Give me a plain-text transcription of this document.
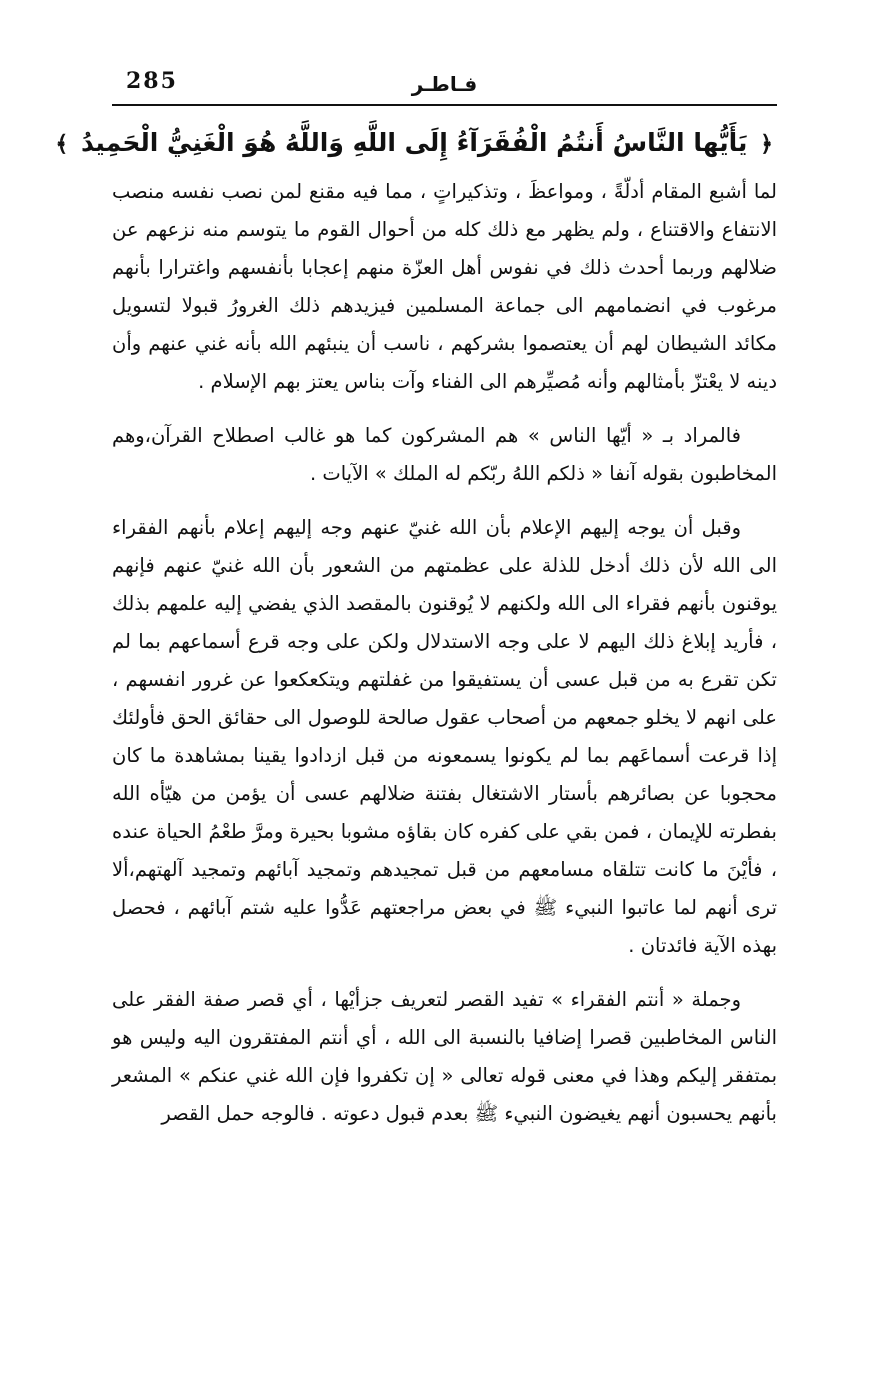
285	فـاطـر
﴿ يَأَيُّها النَّاسُ أَنتُمُ الْفُقَرَآءُ إِلَى اللَّهِ وَاللَّهُ هُوَ الْغَنِيُّ الْحَمِيدُ ﴾

لما أشبع المقام أدلّةً ، ومواعظَ ، وتذكيراتٍ ، مما فيه مقنع لمن نصب نفسه منصب الانتفاع والاقتناع ، ولم يظهر مع ذلك كله من أحوال القوم ما يتوسم منه نزعهم عن ضلالهم وربما أحدث ذلك في نفوس أهل العزّة منهم إعجابا بأنفسهم واغترارا بأنهم مرغوب في انضمامهم الى جماعة المسلمين فيزيدهم ذلك الغرورُ قبولا لتسويل مكائد الشيطان لهم أن يعتصموا بشركهم ، ناسب أن ينبئهم الله بأنه غني عنهم وأن دينه لا يعْتزّ بأمثالهم وأنه مُصيِّرهم الى الفناء وآت بناس يعتز بهم الإسلام .

فالمراد بـ « أيّها الناس » هم المشركون كما هو غالب اصطلاح القرآن،وهم المخاطبون بقوله آنفا « ذلكم اللهُ ربّكم له الملك » الآيات .

وقبل أن يوجه إليهم الإعلام بأن الله غنيّ عنهم وجه إليهم إعلام بأنهم الفقراء الى الله لأن ذلك أدخل للذلة على عظمتهم من الشعور بأن الله غنيّ عنهم فإنهم يوقنون بأنهم فقراء الى الله ولكنهم لا يُوقنون بالمقصد الذي يفضي إليه علمهم بذلك ، فأريد إبلاغ ذلك اليهم لا على وجه الاستدلال ولكن على وجه قرع أسماعهم بما لم تكن تقرع به من قبل عسى أن يستفيقوا من غفلتهم ويتكعكعوا عن غرور انفسهم ، على انهم لا يخلو جمعهم من أصحاب عقول صالحة للوصول الى حقائق الحق فأولئك إذا قرعت أسماعَهم بما لم يكونوا يسمعونه من قبل ازدادوا يقينا بمشاهدة ما كان محجوبا عن بصائرهم بأستار الاشتغال بفتنة ضلالهم عسى أن يؤمن من هيّأه الله بفطرته للإيمان ، فمن بقي على كفره كان بقاؤه مشوبا بحيرة ومرَّ طعْمُ الحياة عنده ، فأيْنَ ما كانت تتلقاه مسامعهم من قبل تمجيدهم وتمجيد آبائهم وتمجيد آلهتهم،ألا ترى أنهم لما عاتبوا النبيء ﷺ في بعض مراجعتهم عَدُّوا عليه شتم آبائهم ، فحصل بهذه الآية فائدتان .

وجملة « أنتم الفقراء » تفيد القصر لتعريف جزأيْها ، أي قصر صفة الفقر على الناس المخاطبين قصرا إضافيا بالنسبة الى الله ، أي أنتم المفتقرون اليه وليس هو بمتفقر إليكم وهذا في معنى قوله تعالى « إن تكفروا فإن الله غني عنكم » المشعر بأنهم يحسبون أنهم يغيضون النبيء ﷺ بعدم قبول دعوته . فالوجه حمل القصر
